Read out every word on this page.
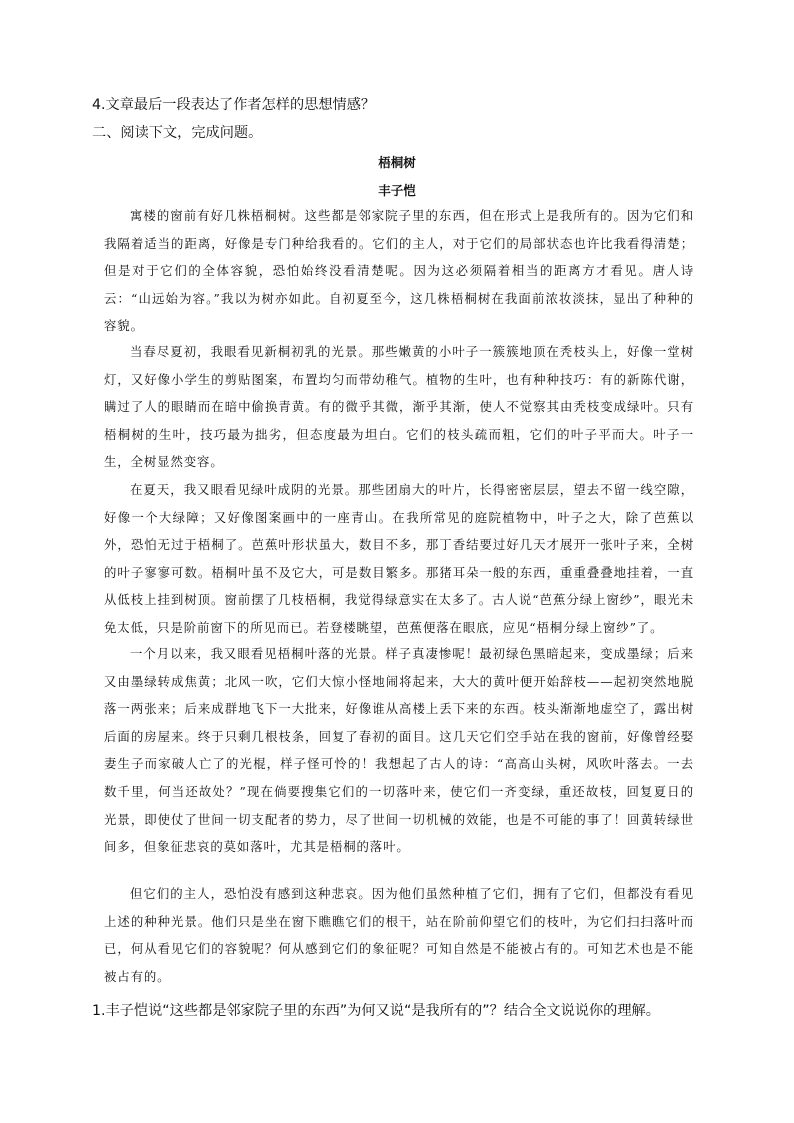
4.文章最后一段表达了作者怎样的思想情感？
二、阅读下文，完成问题。
梧桐树
丰子恺

寓楼的窗前有好几株梧桐树。这些都是邻家院子里的东西，但在形式上是我所有的。因为它们和我隔着适当的距离，好像是专门种给我看的。它们的主人，对于它们的局部状态也许比我看得清楚；但是对于它们的全体容貌，恐怕始终没看清楚呢。因为这必须隔着相当的距离方才看见。唐人诗云：“山远始为容。”我以为树亦如此。自初夏至今，这几株梧桐树在我面前浓妆淡抹，显出了种种的容貌。

当春尽夏初，我眼看见新桐初乳的光景。那些嫩黄的小叶子一簇簇地顶在秃枝头上，好像一堂树灯，又好像小学生的剪贴图案，布置均匀而带幼稚气。植物的生叶，也有种种技巧：有的新陈代谢，瞒过了人的眼睛而在暗中偷换青黄。有的微乎其微，渐乎其渐，使人不觉察其由秃枝变成绿叶。只有梧桐树的生叶，技巧最为拙劣，但态度最为坦白。它们的枝头疏而粗，它们的叶子平而大。叶子一生，全树显然变容。

在夏天，我又眼看见绿叶成阴的光景。那些团扇大的叶片，长得密密层层，望去不留一线空隙，好像一个大绿障；又好像图案画中的一座青山。在我所常见的庭院植物中，叶子之大，除了芭蕉以外，恐怕无过于梧桐了。芭蕉叶形状虽大，数目不多，那丁香结要过好几天才展开一张叶子来，全树的叶子寥寥可数。梧桐叶虽不及它大，可是数目繁多。那猪耳朵一般的东西，重重叠叠地挂着，一直从低枝上挂到树顶。窗前摆了几枝梧桐，我觉得绿意实在太多了。古人说“芭蕉分绿上窗纱”，眼光未免太低，只是阶前窗下的所见而已。若登楼眺望，芭蕉便落在眼底，应见“梧桐分绿上窗纱”了。

一个月以来，我又眼看见梧桐叶落的光景。样子真凄惨呢！最初绿色黑暗起来，变成墨绿；后来又由墨绿转成焦黄；北风一吹，它们大惊小怪地闹将起来，大大的黄叶便开始辞枝——起初突然地脱落一两张来；后来成群地飞下一大批来，好像谁从高楼上丢下来的东西。枝头渐渐地虚空了，露出树后面的房屋来。终于只剩几根枝条，回复了春初的面目。这几天它们空手站在我的窗前，好像曾经娶妻生子而家破人亡了的光棍，样子怪可怜的！我想起了古人的诗：“高高山头树，风吹叶落去。一去数千里，何当还故处？”现在倘要搜集它们的一切落叶来，使它们一齐变绿，重还故枝，回复夏日的光景，即使仗了世间一切支配者的势力，尽了世间一切机械的效能，也是不可能的事了！回黄转绿世间多，但象征悲哀的莫如落叶，尤其是梧桐的落叶。

但它们的主人，恐怕没有感到这种悲哀。因为他们虽然种植了它们，拥有了它们，但都没有看见上述的种种光景。他们只是坐在窗下瞧瞧它们的根干，站在阶前仰望它们的枝叶，为它们扫扫落叶而已，何从看见它们的容貌呢？何从感到它们的象征呢？可知自然是不能被占有的。可知艺术也是不能被占有的。

1.丰子恺说“这些都是邻家院子里的东西”为何又说“是我所有的”？结合全文说说你的理解。
